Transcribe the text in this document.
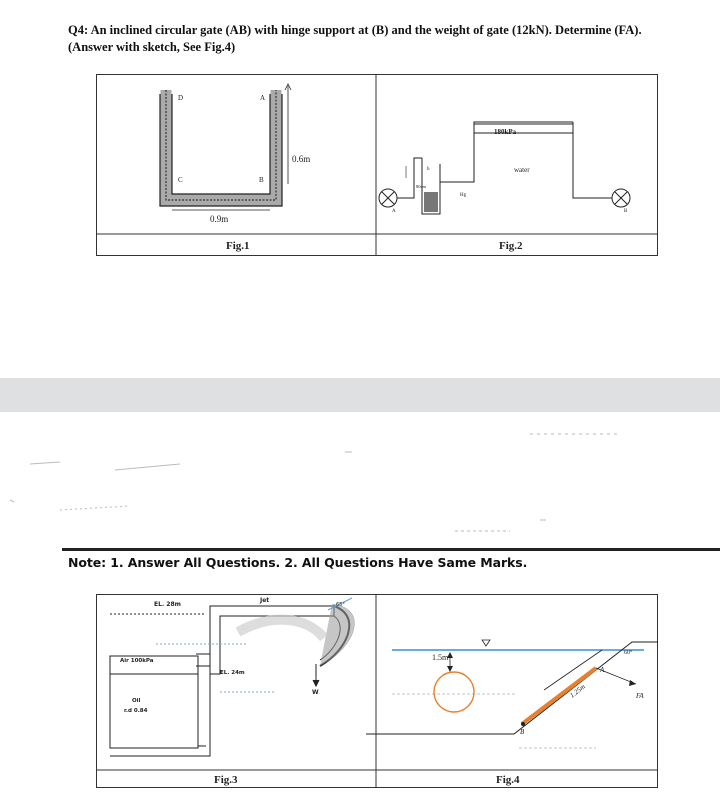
Q4: An inclined circular gate (AB) with hinge support at (B) and the weight of gate (12kN). Determine (FA). (Answer with sketch, See Fig.4)
Note: 1. Answer All Questions. 2. All Questions Have Same Marks.
D	A
C	B
0.6m
0.9m
Fig.1
180kPa
water
Hg
h
80cm
A	B
Fig.2
EL. 28m
Jet
65°
Air 100kPa
EL. 24m
Oil
r.d 0.84
W
Fig.3
1.5m	60°
1.25m
A
B
FA
Fig.4
